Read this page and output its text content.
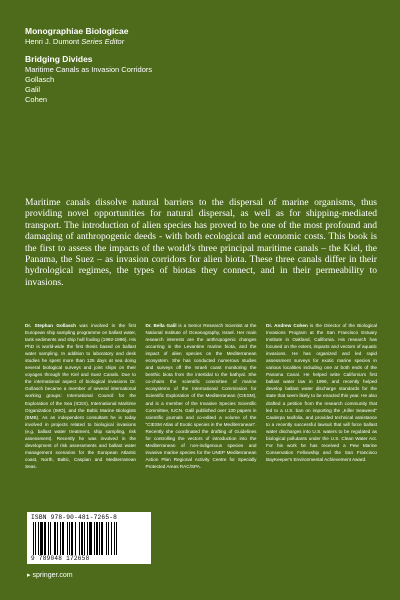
Monographiae Biologicae
Henri J. Dumont Series Editor
Bridging Divides
Maritime Canals as Invasion Corridors
Gollasch
Galil
Cohen
Maritime canals dissolve natural barriers to the dispersal of marine organisms, thus providing novel opportunities for natural dispersal, as well as for shipping-mediated transport. The introduction of alien species has proved to be one of the most profound and damaging of anthropogenic deeds - with both ecological and economic costs. This book is the first to assess the impacts of the world's three principal maritime canals – the Kiel, the Panama, the Suez – as invasion corridors for alien biota. These three canals differ in their hydrological regimes, the types of biotas they connect, and in their permeability to invasions.
Dr. Stephan Gollasch was involved in the first European ship sampling programme on ballast water, tank sediments and ship hull fouling (1992-1996). His PhD is world-wide the first thesis based on ballast water sampling. In addition to laboratory and desk studies he spent more than 125 days at sea doing several biological surveys and joint ships on their voyages through the Kiel and Suez Canals. Due to the international aspect of biological invasions Dr. Gollasch became a member of several international working groups: International Council for the Exploration of the Sea (ICES), International Maritime Organization (IMO), and the Baltic Marine Biologists (BMB). As an independent consultant he is today involved in projects related to biological invasions (e.g. ballast water treatment, ship sampling, risk assessment). Recently he was involved in the development of risk assessments and ballast water management scenarios for the European Atlantic coast, North, Baltic, Caspian and Mediterranean Seas.
Dr. Bella Galil is a Senior Research Scientist at the National Institute of Oceanography, Israel. Her main research interests are the anthropogenic changes occurring in the Levantine marine biota, and the impact of alien species on the Mediterranean ecosystem. She has conducted numerous studies and surveys off the Israeli coast monitoring the benthic biota from the intertidal to the bathyal. She co-chairs the scientific committee of marine ecosystems of the International Commission for Scientific Exploration of the Mediterranean (CIESM), and is a member of the Invasive Species Scientific Committee, IUCN. Galil published over 130 papers in scientific journals and co-edited a volume of the "CIESM Atlas of Exotic species in the Mediterranean". Recently she coordinated the drafting of Guidelines for controlling the vectors of introduction into the Mediterranean of non-indigenous species and invasive marine species for the UNEP Mediterranean Action Plan Regional Activity Centre for Specially Protected Areas RAC/SPA.
Dr. Andrew Cohen is the Director of the Biological Invasions Program at the San Francisco Estuary Institute in Oakland, California. His research has focused on the extent, impacts and vectors of aquatic invasions. He has organized and led rapid assessment surveys for exotic marine species in various localities including one at both ends of the Panama Canal. He helped write California's first ballast water law in 1999, and recently helped develop ballast water discharge standards for the state that seem likely to be enacted this year. He also drafted a petition from the research community that led to a U.S. ban on importing the „Killer Seaweed" Caulerpa taxifolia, and provided technical assistance to a recently successful lawsuit that will force ballast water discharges into U.S. waters to be regulated as biological pollutants under the U.S. Clean Water Act. For his work he has received a Pew Marine Conservation Fellowship and the San Francisco BayKeeper's Environmental Achievement Award.
ISBN 978-90-481-7265-8
9 789048 172658
▸ springer.com
